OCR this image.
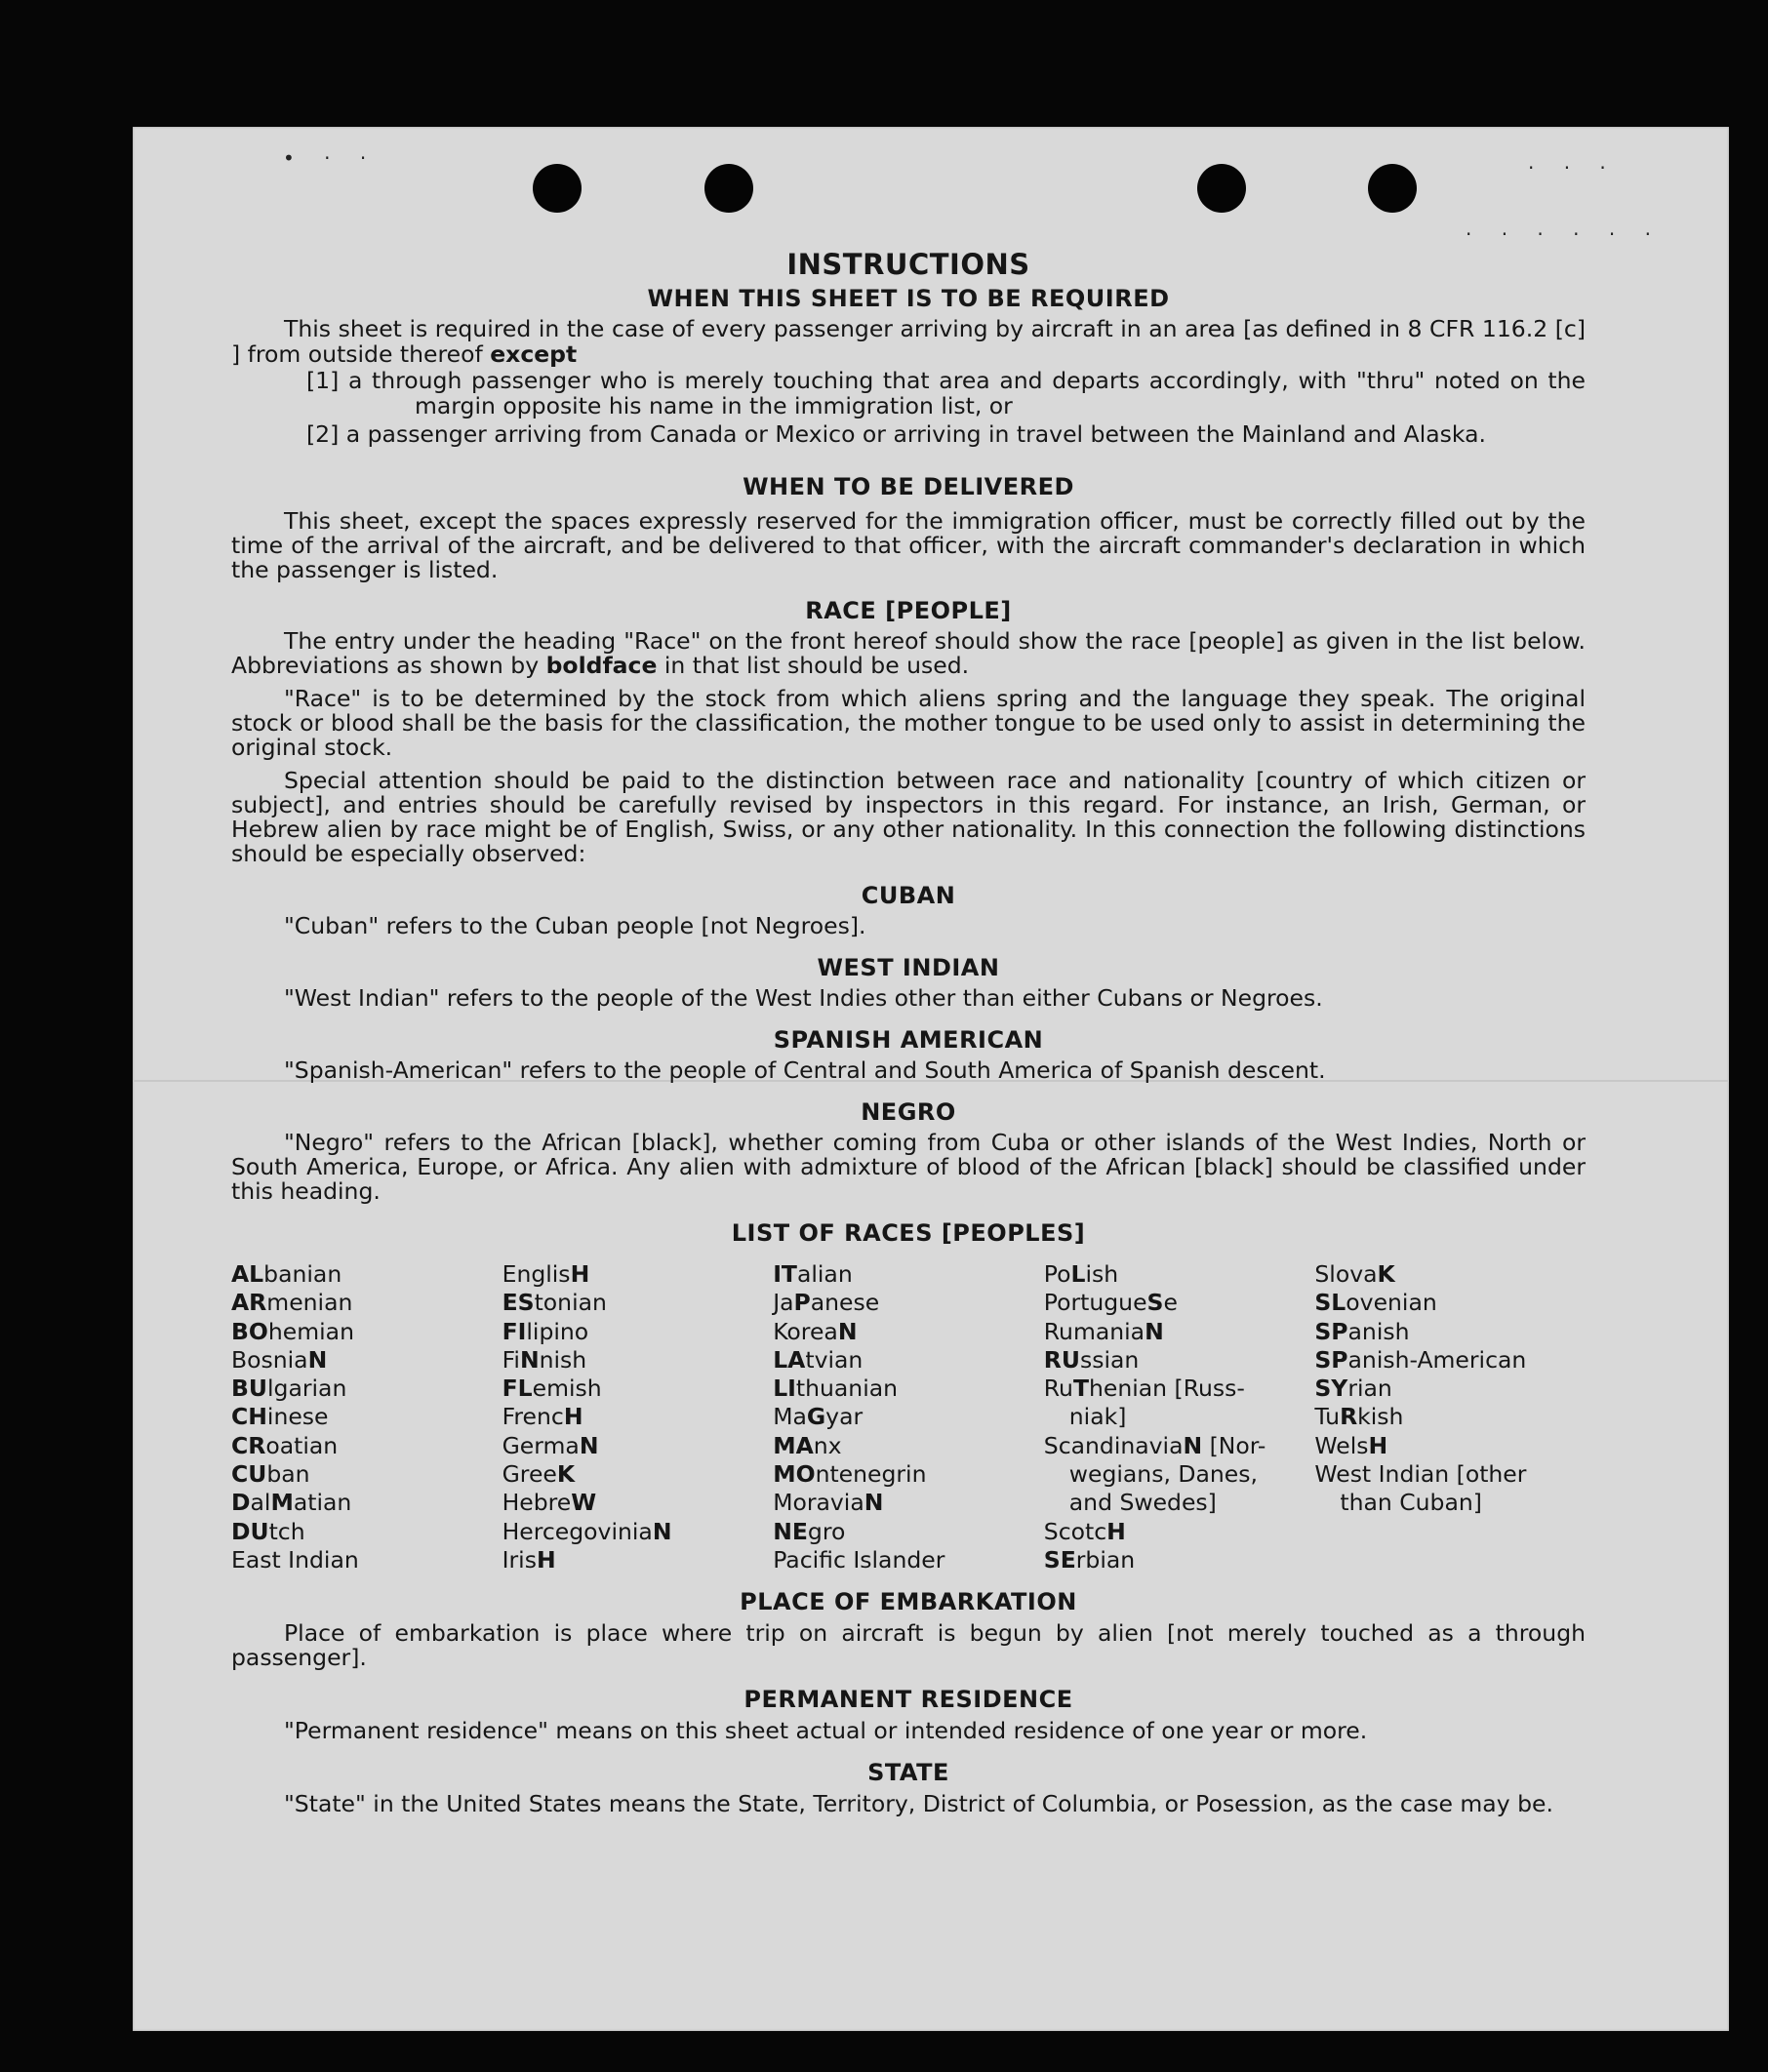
• · ·	· · ·
· · · · · ·
INSTRUCTIONS
WHEN THIS SHEET IS TO BE REQUIRED

This sheet is required in the case of every passenger arriving by aircraft in an area [as defined in 8 CFR 116.2 [c] ] from outside thereof except

[1] a through passenger who is merely touching that area and departs accordingly, with "thru" noted on the margin opposite his name in the immigration list, or

[2] a passenger arriving from Canada or Mexico or arriving in travel between the Mainland and Alaska.

WHEN TO BE DELIVERED

This sheet, except the spaces expressly reserved for the immigration officer, must be correctly filled out by the time of the arrival of the aircraft, and be delivered to that officer, with the aircraft commander's declaration in which the passenger is listed.

RACE [PEOPLE]

The entry under the heading "Race" on the front hereof should show the race [people] as given in the list below. Abbreviations as shown by boldface in that list should be used.

"Race" is to be determined by the stock from which aliens spring and the language they speak. The original stock or blood shall be the basis for the classification, the mother tongue to be used only to assist in determining the original stock.

Special attention should be paid to the distinction between race and nationality [country of which citizen or subject], and entries should be carefully revised by inspectors in this regard. For instance, an Irish, German, or Hebrew alien by race might be of English, Swiss, or any other nationality. In this connection the following distinctions should be especially observed:

CUBAN

"Cuban" refers to the Cuban people [not Negroes].

WEST INDIAN

"West Indian" refers to the people of the West Indies other than either Cubans or Negroes.

SPANISH AMERICAN

"Spanish-American" refers to the people of Central and South America of Spanish descent.

NEGRO

"Negro" refers to the African [black], whether coming from Cuba or other islands of the West Indies, North or South America, Europe, or Africa. Any alien with admixture of blood of the African [black] should be classified under this heading.

LIST OF RACES [PEOPLES]
ALbanian
ARmenian
BOhemian
BosniaN
BUlgarian
CHinese
CRoatian
CUban
DalMatian
DUtch
East Indian
EnglisH
EStonian
FIlipino
FiNnish
FLemish
FrencH
GermaN
GreeK
HebreW
HercegoviniaN
IrisH
ITalian
JaPanese
KoreaN
LAtvian
LIthuanian
MaGyar
MAnx
MOntenegrin
MoraviaN
NEgro
Pacific Islander
PoLish
PortugueSe
RumaniaN
RUssian
RuThenian [Russ-
niak]
ScandinaviaN [Nor-
wegians, Danes,
and Swedes]
ScotcH
SErbian
SlovaK
SLovenian
SPanish
SPanish-American
SYrian
TuRkish
WelsH
West Indian [other
than Cuban]
PLACE OF EMBARKATION

Place of embarkation is place where trip on aircraft is begun by alien [not merely touched as a through passenger].

PERMANENT RESIDENCE

"Permanent residence" means on this sheet actual or intended residence of one year or more.

STATE

"State" in the United States means the State, Territory, District of Columbia, or Posession, as the case may be.
